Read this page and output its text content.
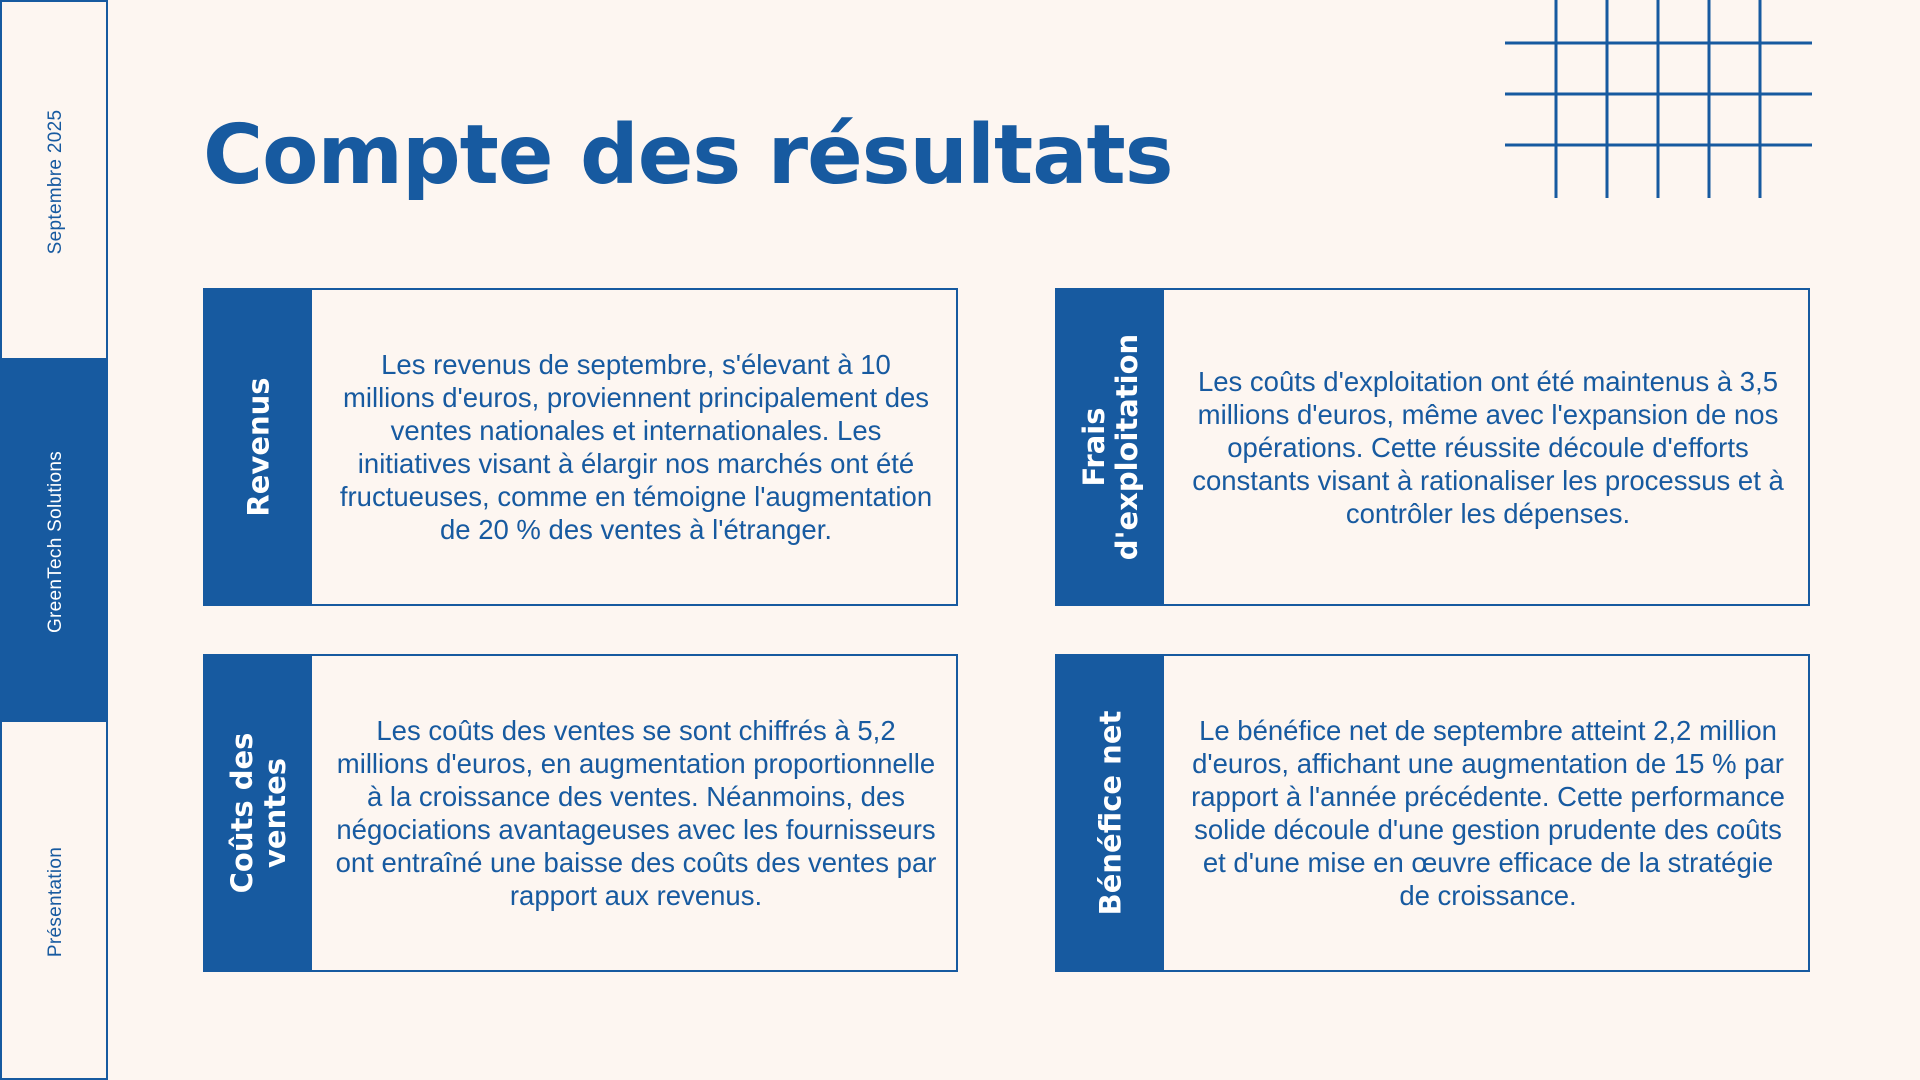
Septembre 2025
GreenTech Solutions
Présentation
Compte des résultats
Revenus

Les revenus de septembre, s'élevant à 10 millions d'euros, proviennent principalement des ventes nationales et internationales. Les initiatives visant à élargir nos marchés ont été fructueuses, comme en témoigne l'augmentation de 20 % des ventes à l'étranger.

Frais
d'exploitation	Les coûts d'exploitation ont été maintenus à 3,5 millions d'euros, même avec l'expansion de nos opérations. Cette réussite découle d'efforts constants visant à rationaliser les processus et à contrôler les dépenses.

Coûts des
ventes

Les coûts des ventes se sont chiffrés à 5,2 millions d'euros, en augmentation proportionnelle à la croissance des ventes. Néanmoins, des négociations avantageuses avec les fournisseurs ont entraîné une baisse des coûts des ventes par rapport aux revenus.	Bénéfice net	Le bénéfice net de septembre atteint 2,2 million d'euros, affichant une augmentation de 15 % par rapport à l'année précédente. Cette performance solide découle d'une gestion prudente des coûts et d'une mise en œuvre efficace de la stratégie de croissance.
